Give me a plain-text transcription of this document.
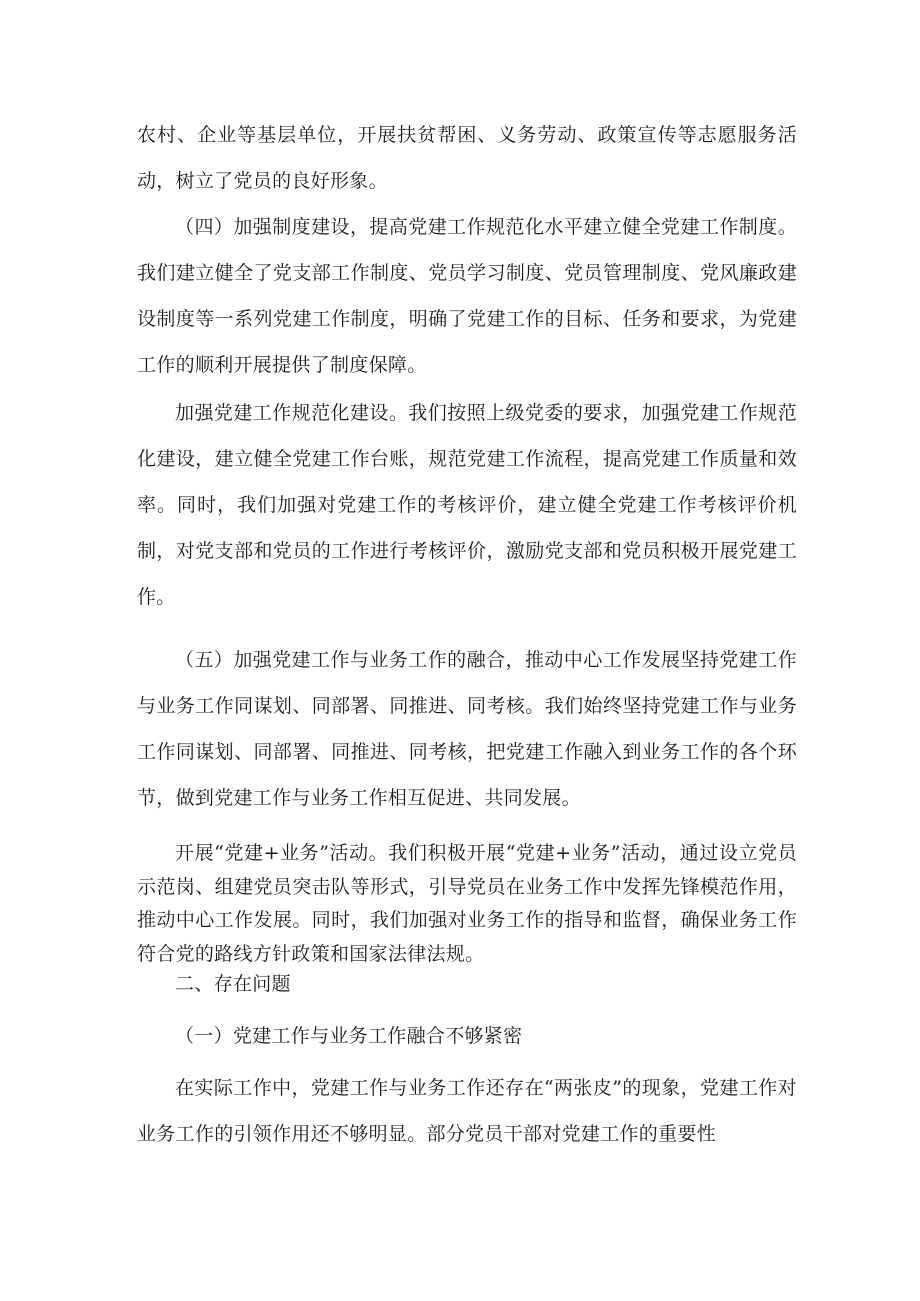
农村、企业等基层单位，开展扶贫帮困、义务劳动、政策宣传等志愿服务活动，树立了党员的良好形象。

（四）加强制度建设，提高党建工作规范化水平建立健全党建工作制度。我们建立健全了党支部工作制度、党员学习制度、党员管理制度、党风廉政建设制度等一系列党建工作制度，明确了党建工作的目标、任务和要求，为党建工作的顺利开展提供了制度保障。

加强党建工作规范化建设。我们按照上级党委的要求，加强党建工作规范化建设，建立健全党建工作台账，规范党建工作流程，提高党建工作质量和效率。同时，我们加强对党建工作的考核评价，建立健全党建工作考核评价机制，对党支部和党员的工作进行考核评价，激励党支部和党员积极开展党建工作。

（五）加强党建工作与业务工作的融合，推动中心工作发展坚持党建工作与业务工作同谋划、同部署、同推进、同考核。我们始终坚持党建工作与业务工作同谋划、同部署、同推进、同考核，把党建工作融入到业务工作的各个环节，做到党建工作与业务工作相互促进、共同发展。

开展“党建+业务”活动。我们积极开展“党建+业务”活动，通过设立党员示范岗、组建党员突击队等形式，引导党员在业务工作中发挥先锋模范作用，推动中心工作发展。同时，我们加强对业务工作的指导和监督，确保业务工作符合党的路线方针政策和国家法律法规。

二、存在问题

（一）党建工作与业务工作融合不够紧密

在实际工作中，党建工作与业务工作还存在“两张皮”的现象，党建工作对业务工作的引领作用还不够明显。部分党员干部对党建工作的重要性
